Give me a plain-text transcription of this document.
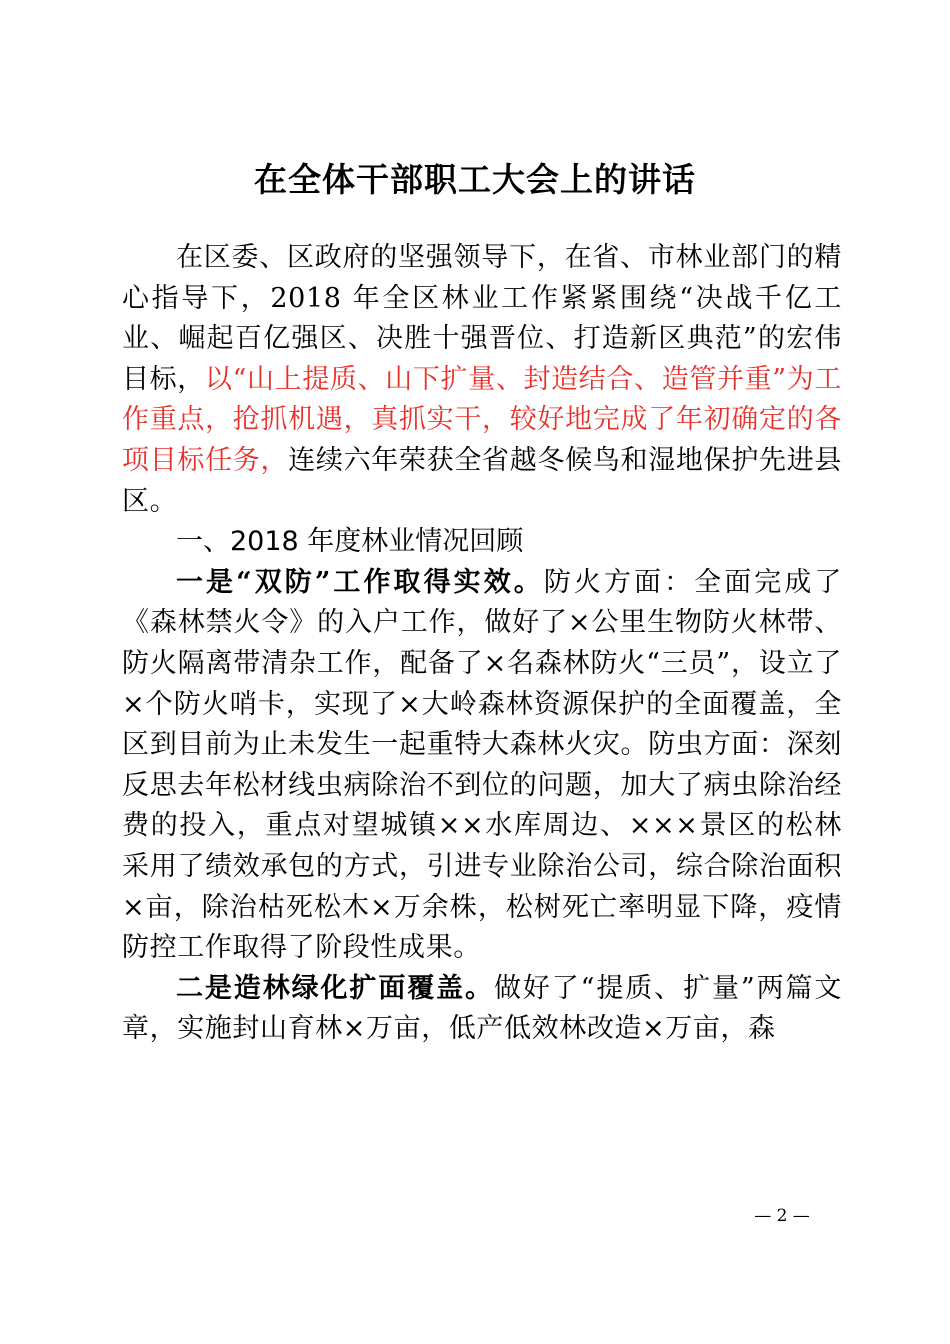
在全体干部职工大会上的讲话

在区委、区政府的坚强领导下，在省、市林业部门的精心指导下，2018 年全区林业工作紧紧围绕“决战千亿工业、崛起百亿强区、决胜十强晋位、打造新区典范”的宏伟目标，以“山上提质、山下扩量、封造结合、造管并重”为工作重点，抢抓机遇，真抓实干，较好地完成了年初确定的各项目标任务，连续六年荣获全省越冬候鸟和湿地保护先进县区。

一、2018 年度林业情况回顾

一是“双防”工作取得实效。防火方面：全面完成了《森林禁火令》的入户工作，做好了×公里生物防火林带、防火隔离带清杂工作，配备了×名森林防火“三员”，设立了×个防火哨卡，实现了×大岭森林资源保护的全面覆盖，全区到目前为止未发生一起重特大森林火灾。防虫方面：深刻反思去年松材线虫病除治不到位的问题，加大了病虫除治经费的投入，重点对望城镇××水库周边、×××景区的松林采用了绩效承包的方式，引进专业除治公司，综合除治面积×亩，除治枯死松木×万余株，松树死亡率明显下降，疫情防控工作取得了阶段性成果。

二是造林绿化扩面覆盖。做好了“提质、扩量”两篇文章，实施封山育林×万亩，低产低效林改造×万亩，森

— 2 —
